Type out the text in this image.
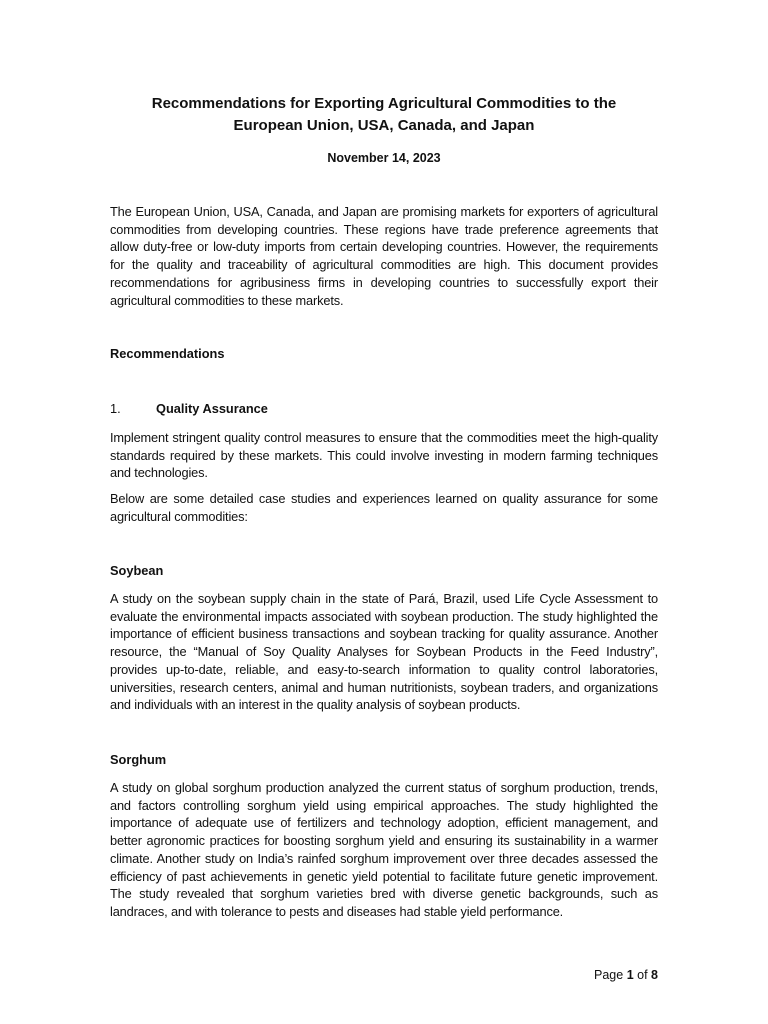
Recommendations for Exporting Agricultural Commodities to the
European Union, USA, Canada, and Japan
November 14, 2023

The European Union, USA, Canada, and Japan are promising markets for exporters of agricultural commodities from developing countries. These regions have trade preference agreements that allow duty-free or low-duty imports from certain developing countries. However, the requirements for the quality and traceability of agricultural commodities are high. This document provides recommendations for agribusiness firms in developing countries to successfully export their agricultural commodities to these markets.

Recommendations
1.	Quality Assurance

Implement stringent quality control measures to ensure that the commodities meet the high-quality standards required by these markets. This could involve investing in modern farming techniques and technologies.

Below are some detailed case studies and experiences learned on quality assurance for some agricultural commodities:

Soybean

A study on the soybean supply chain in the state of Pará, Brazil, used Life Cycle Assessment to evaluate the environmental impacts associated with soybean production. The study highlighted the importance of efficient business transactions and soybean tracking for quality assurance. Another resource, the “Manual of Soy Quality Analyses for Soybean Products in the Feed Industry”, provides up-to-date, reliable, and easy-to-search information to quality control laboratories, universities, research centers, animal and human nutritionists, soybean traders, and organizations and individuals with an interest in the quality analysis of soybean products.

Sorghum

A study on global sorghum production analyzed the current status of sorghum production, trends, and factors controlling sorghum yield using empirical approaches. The study highlighted the importance of adequate use of fertilizers and technology adoption, efficient management, and better agronomic practices for boosting sorghum yield and ensuring its sustainability in a warmer climate. Another study on India’s rainfed sorghum improvement over three decades assessed the efficiency of past achievements in genetic yield potential to facilitate future genetic improvement. The study revealed that sorghum varieties bred with diverse genetic backgrounds, such as landraces, and with tolerance to pests and diseases had stable yield performance.

Page 1 of 8
